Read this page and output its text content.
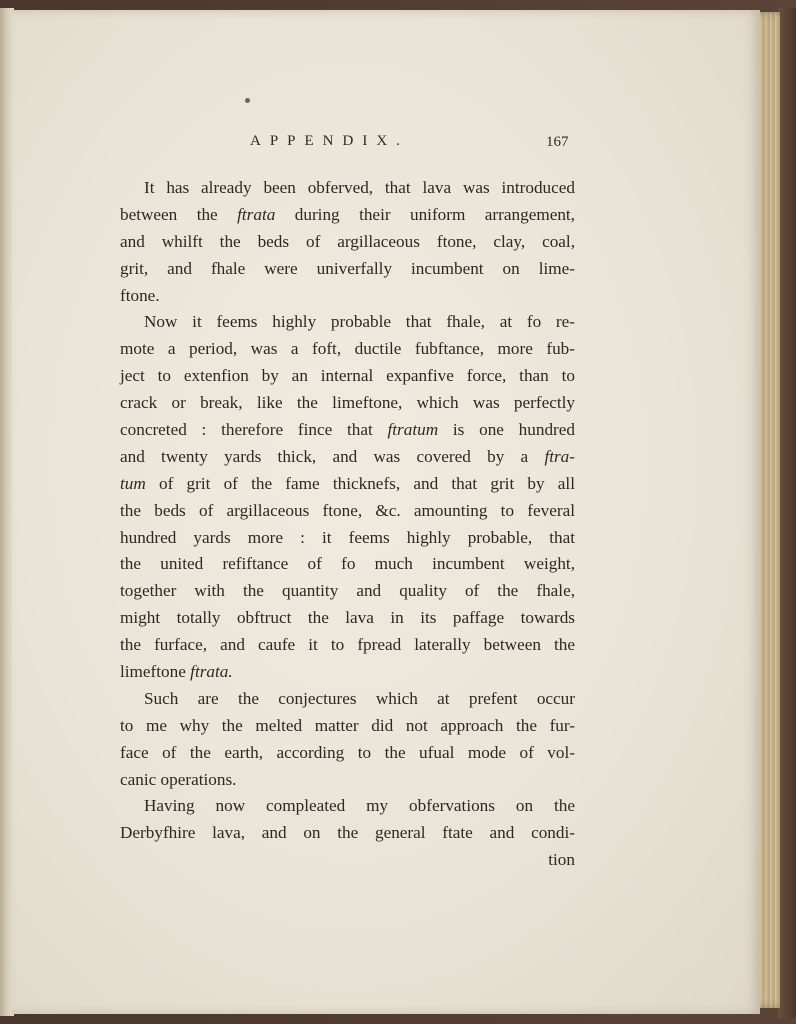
APPENDIX.	167
It has already been obferved, that lava was introduced
between the ftrata during their uniform arrangement,
and whilft the beds of argillaceous ftone, clay, coal,
grit, and fhale were univerfally incumbent on lime-
ftone.
Now it feems highly probable that fhale, at fo re-
mote a period, was a foft, ductile fubftance, more fub-
ject to extenfion by an internal expanfive force, than to
crack or break, like the limeftone, which was perfectly
concreted : therefore fince that ftratum is one hundred
and twenty yards thick, and was covered by a ftra-
tum of grit of the fame thicknefs, and that grit by all
the beds of argillaceous ftone, &c. amounting to feveral
hundred yards more : it feems highly probable, that
the united refiftance of fo much incumbent weight,
together with the quantity and quality of the fhale,
might totally obftruct the lava in its paffage towards
the furface, and caufe it to fpread laterally between the
limeftone ftrata.
Such are the conjectures which at prefent occur
to me why the melted matter did not approach the fur-
face of the earth, according to the ufual mode of vol-
canic operations.
Having now compleated my obfervations on the
Derbyfhire lava, and on the general ftate and condi-
tion
